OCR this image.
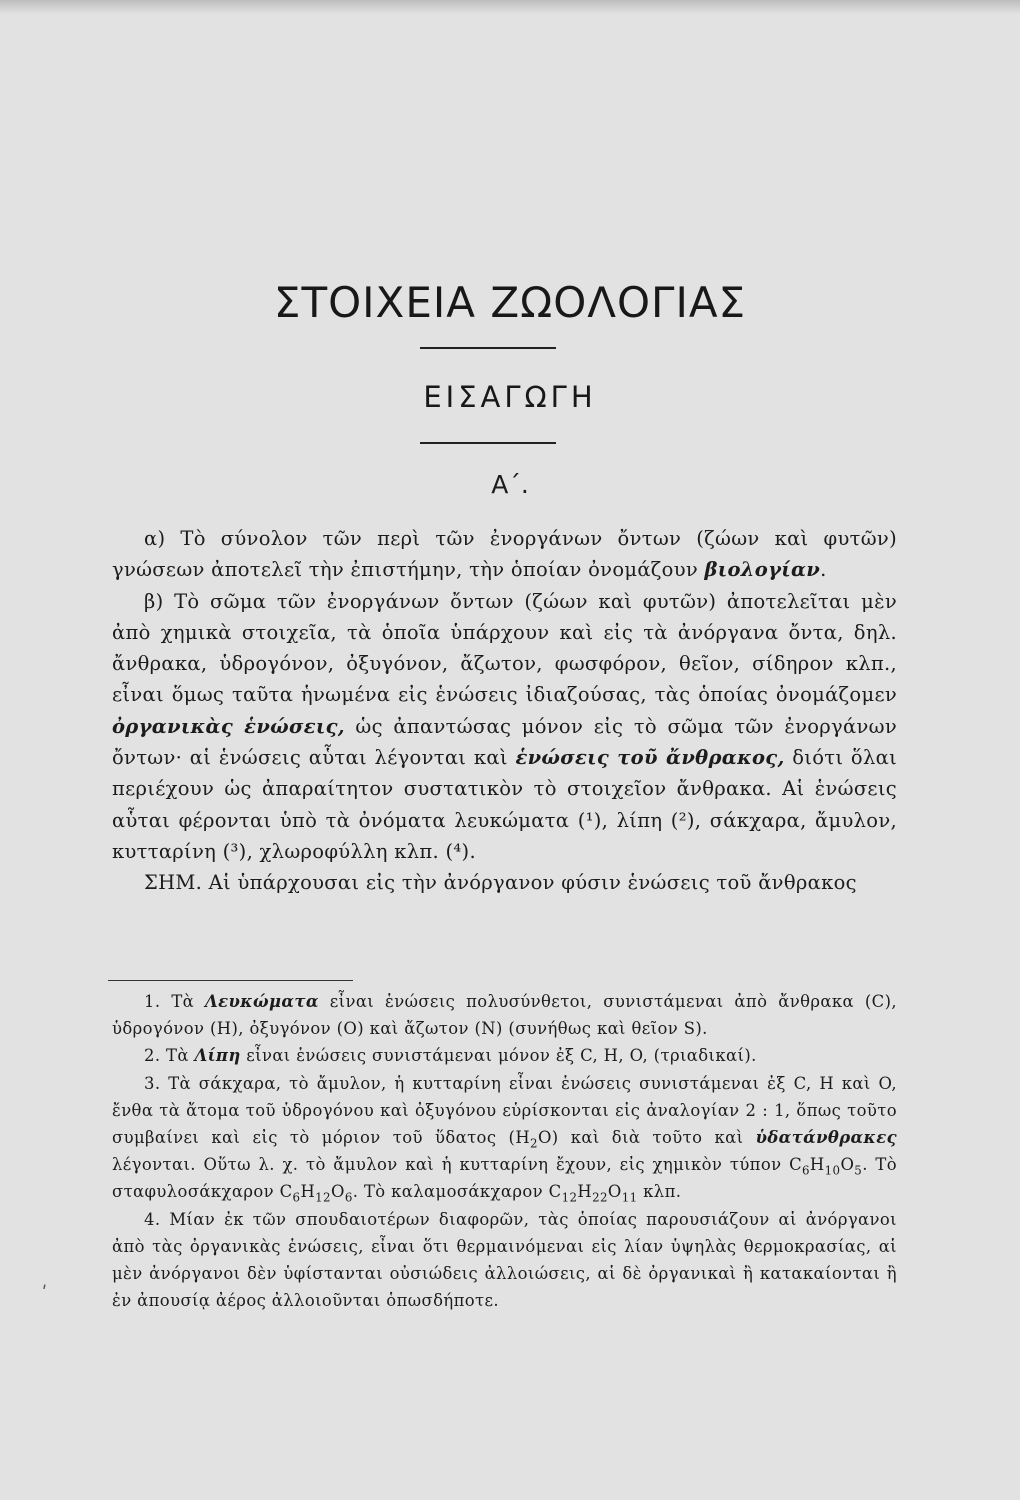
ΣΤΟΙΧΕΙΑ ΖΩΟΛΟΓΙΑΣ
ΕΙΣΑΓΩΓΗ
Α΄.

α) Τὸ σύνολον τῶν περὶ τῶν ἐνοργάνων ὄντων (ζώων καὶ φυτῶν) γνώσεων ἀποτελεῖ τὴν ἐπιστήμην, τὴν ὁποίαν ὀνομάζουν βιολογίαν.

β) Τὸ σῶμα τῶν ἐνοργάνων ὄντων (ζώων καὶ φυτῶν) ἀποτελεῖται μὲν ἀπὸ χημικὰ στοιχεῖα, τὰ ὁποῖα ὑπάρχουν καὶ εἰς τὰ ἀνόργανα ὄντα, δηλ. ἄνθρακα, ὑδρογόνον, ὀξυγόνον, ἄζωτον, φωσφόρον, θεῖον, σίδηρον κλπ., εἶναι ὅμως ταῦτα ἡνωμένα εἰς ἑνώσεις ἰδιαζούσας, τὰς ὁποίας ὀνομάζομεν ὀργανικὰς ἑνώσεις, ὡς ἀπαντώσας μόνον εἰς τὸ σῶμα τῶν ἐνοργάνων ὄντων· αἱ ἑνώσεις αὗται λέγονται καὶ ἑνώσεις τοῦ ἄνθρακος, διότι ὅλαι περιέχουν ὡς ἀπαραίτητον συστατικὸν τὸ στοιχεῖον ἄνθρακα. Αἱ ἑνώσεις αὗται φέρονται ὑπὸ τὰ ὀνόματα λευκώματα (¹), λίπη (²), σάκχαρα, ἄμυλον, κυτταρίνη (³), χλωροφύλλη κλπ. (⁴).

ΣΗΜ. Αἱ ὑπάρχουσαι εἰς τὴν ἀνόργανον φύσιν ἑνώσεις τοῦ ἄνθρακος

1. Τὰ Λευκώματα εἶναι ἑνώσεις πολυσύνθετοι, συνιστάμεναι ἀπὸ ἄνθρακα (C), ὑδρογόνον (H), ὀξυγόνον (O) καὶ ἄζωτον (N) (συνήθως καὶ θεῖον S).

2. Τὰ Λίπη εἶναι ἑνώσεις συνιστάμεναι μόνον ἐξ C, H, O, (τριαδικαί).

3. Τὰ σάκχαρα, τὸ ἄμυλον, ἡ κυτταρίνη εἶναι ἑνώσεις συνιστάμεναι ἐξ C, H καὶ O, ἔνθα τὰ ἄτομα τοῦ ὑδρογόνου καὶ ὀξυγόνου εὑρίσκονται εἰς ἀναλογίαν 2 : 1, ὅπως τοῦτο συμβαίνει καὶ εἰς τὸ μόριον τοῦ ὕδατος $(H_2O)$ καὶ διὰ τοῦτο καὶ ὑδατάνθρακες λέγονται. Οὕτω λ. χ. τὸ ἄμυλον καὶ ἡ κυτταρίνη ἔχουν, εἰς χημικὸν τύπον $C_6H_{10}O_5$. Τὸ σταφυλοσάκχαρον $C_6H_{12}O_6$. Τὸ καλαμοσάκχαρον $C_{12}H_{22}O_{11}$ κλπ.

4. Μίαν ἐκ τῶν σπουδαιοτέρων διαφορῶν, τὰς ὁποίας παρουσιάζουν αἱ ἀνόργανοι ἀπὸ τὰς ὀργανικὰς ἑνώσεις, εἶναι ὅτι θερμαινόμεναι εἰς λίαν ὑψηλὰς θερμοκρασίας, αἱ μὲν ἀνόργανοι δὲν ὑφίστανται οὐσιώδεις ἀλλοιώσεις, αἱ δὲ ὀργανικαὶ ἢ κατακαίονται ἢ ἐν ἀπουσίᾳ ἀέρος ἀλλοιοῦνται ὁπωσδήποτε.

ʹ
